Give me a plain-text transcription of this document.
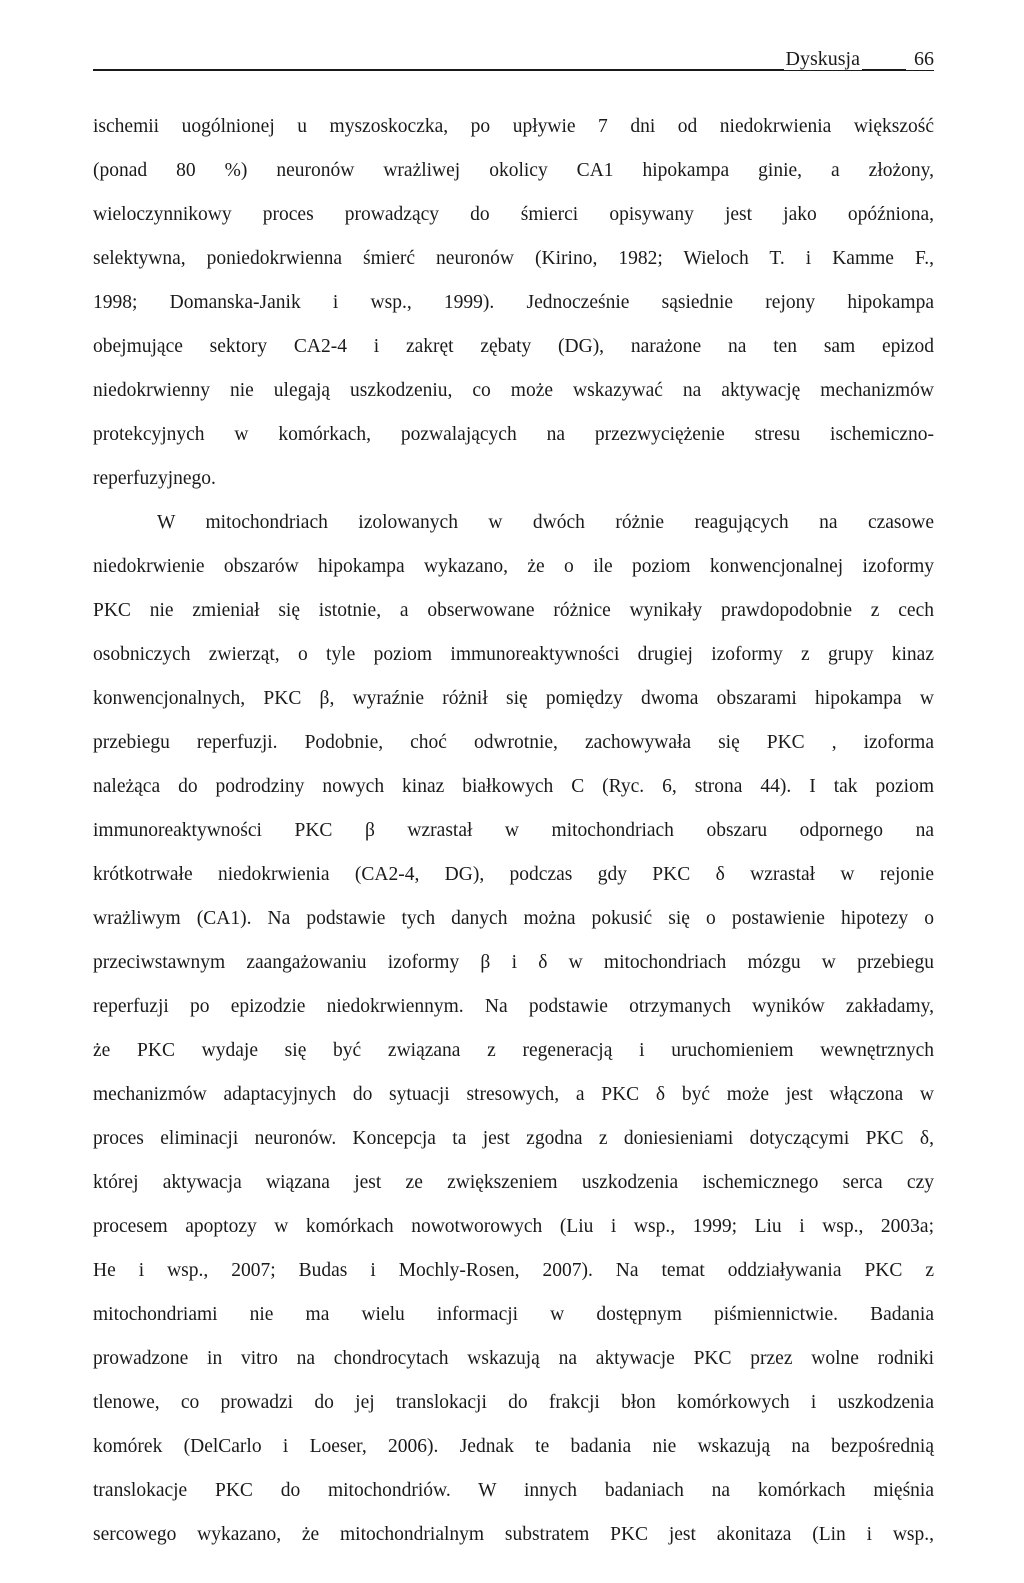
Dyskusja	66
ischemii uogólnionej u myszoskoczka, po upływie 7 dni od niedokrwienia większość
(ponad 80 %) neuronów wrażliwej okolicy CA1 hipokampa ginie, a złożony,
wieloczynnikowy proces prowadzący do śmierci opisywany jest jako opóźniona,
selektywna, poniedokrwienna śmierć neuronów (Kirino, 1982; Wieloch T. i Kamme F.,
1998; Domanska-Janik i wsp., 1999). Jednocześnie sąsiednie rejony hipokampa
obejmujące sektory CA2-4 i zakręt zębaty (DG), narażone na ten sam epizod
niedokrwienny nie ulegają uszkodzeniu, co może wskazywać na aktywację mechanizmów
protekcyjnych w komórkach, pozwalających na przezwyciężenie stresu ischemiczno-
reperfuzyjnego.
W mitochondriach izolowanych w dwóch różnie reagujących na czasowe
niedokrwienie obszarów hipokampa wykazano, że o ile poziom konwencjonalnej izoformy
PKC nie zmieniał się istotnie, a obserwowane różnice wynikały prawdopodobnie z cech
osobniczych zwierząt, o tyle poziom immunoreaktywności drugiej izoformy z grupy kinaz
konwencjonalnych, PKC β, wyraźnie różnił się pomiędzy dwoma obszarami hipokampa w
przebiegu reperfuzji. Podobnie, choć odwrotnie, zachowywała się PKC , izoforma
należąca do podrodziny nowych kinaz białkowych C (Ryc. 6, strona 44). I tak poziom
immunoreaktywności PKC β wzrastał w mitochondriach obszaru odpornego na
krótkotrwałe niedokrwienia (CA2-4, DG), podczas gdy PKC δ wzrastał w rejonie
wrażliwym (CA1). Na podstawie tych danych można pokusić się o postawienie hipotezy o
przeciwstawnym zaangażowaniu izoformy β i δ w mitochondriach mózgu w przebiegu
reperfuzji po epizodzie niedokrwiennym. Na podstawie otrzymanych wyników zakładamy,
że PKC wydaje się być związana z regeneracją i uruchomieniem wewnętrznych
mechanizmów adaptacyjnych do sytuacji stresowych, a PKC δ być może jest włączona w
proces eliminacji neuronów. Koncepcja ta jest zgodna z doniesieniami dotyczącymi PKC δ,
której aktywacja wiązana jest ze zwiększeniem uszkodzenia ischemicznego serca czy
procesem apoptozy w komórkach nowotworowych (Liu i wsp., 1999; Liu i wsp., 2003a;
He i wsp., 2007; Budas i Mochly-Rosen, 2007). Na temat oddziaływania PKC z
mitochondriami nie ma wielu informacji w dostępnym piśmiennictwie. Badania
prowadzone in vitro na chondrocytach wskazują na aktywacje PKC przez wolne rodniki
tlenowe, co prowadzi do jej translokacji do frakcji błon komórkowych i uszkodzenia
komórek (DelCarlo i Loeser, 2006). Jednak te badania nie wskazują na bezpośrednią
translokacje PKC do mitochondriów. W innych badaniach na komórkach mięśnia
sercowego wykazano, że mitochondrialnym substratem PKC jest akonitaza (Lin i wsp.,
